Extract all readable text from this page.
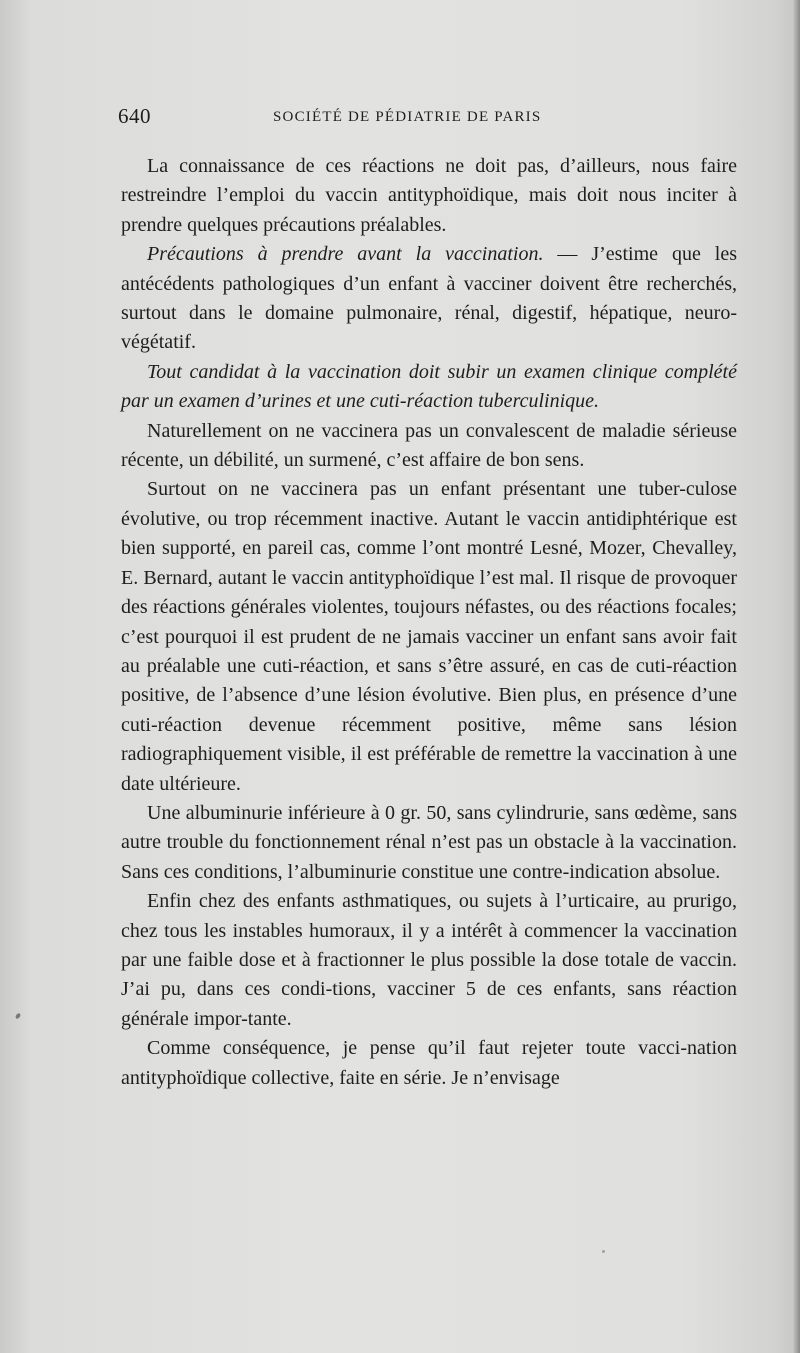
640	SOCIÉTÉ DE PÉDIATRIE DE PARIS

La connaissance de ces réactions ne doit pas, d’ailleurs, nous faire restreindre l’emploi du vaccin antityphoïdique, mais doit nous inciter à prendre quelques précautions préalables.

Précautions à prendre avant la vaccination. — J’estime que les antécédents pathologiques d’un enfant à vacciner doivent être recherchés, surtout dans le domaine pulmonaire, rénal, digestif, hépatique, neuro-végétatif.

Tout candidat à la vaccination doit subir un examen clinique complété par un examen d’urines et une cuti-réaction tuberculinique.

Naturellement on ne vaccinera pas un convalescent de maladie sérieuse récente, un débilité, un surmené, c’est affaire de bon sens.

Surtout on ne vaccinera pas un enfant présentant une tuber-culose évolutive, ou trop récemment inactive. Autant le vaccin antidiphtérique est bien supporté, en pareil cas, comme l’ont montré Lesné, Mozer, Chevalley, E. Bernard, autant le vaccin antityphoïdique l’est mal. Il risque de provoquer des réactions générales violentes, toujours néfastes, ou des réactions focales; c’est pourquoi il est prudent de ne jamais vacciner un enfant sans avoir fait au préalable une cuti-réaction, et sans s’être assuré, en cas de cuti-réaction positive, de l’absence d’une lésion évolutive. Bien plus, en présence d’une cuti-réaction devenue récemment positive, même sans lésion radiographiquement visible, il est préférable de remettre la vaccination à une date ultérieure.

Une albuminurie inférieure à 0 gr. 50, sans cylindrurie, sans œdème, sans autre trouble du fonctionnement rénal n’est pas un obstacle à la vaccination. Sans ces conditions, l’albuminurie constitue une contre-indication absolue.

Enfin chez des enfants asthmatiques, ou sujets à l’urticaire, au prurigo, chez tous les instables humoraux, il y a intérêt à commencer la vaccination par une faible dose et à fractionner le plus possible la dose totale de vaccin. J’ai pu, dans ces condi-tions, vacciner 5 de ces enfants, sans réaction générale impor-tante.

Comme conséquence, je pense qu’il faut rejeter toute vacci-nation antityphoïdique collective, faite en série. Je n’envisage
